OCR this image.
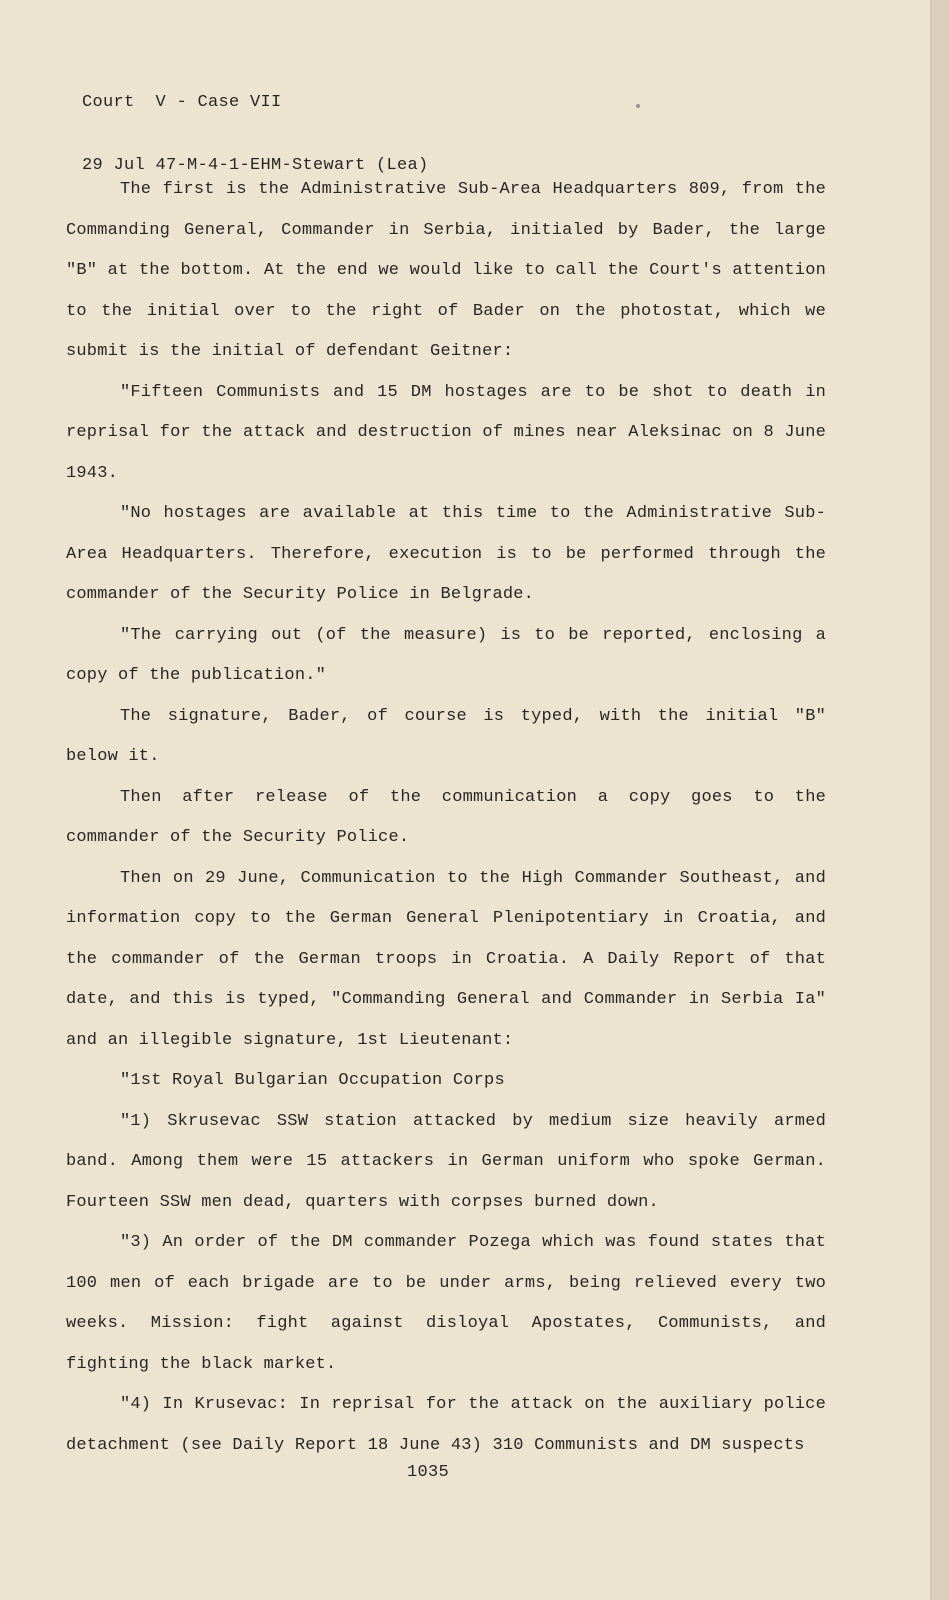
Court  V - Case VII

29 Jul 47-M-4-1-EHM-Stewart (Lea)

The first is the Administrative Sub-Area Headquarters 809, from the Commanding General, Commander in Serbia, initialed by Bader, the large "B" at the bottom. At the end we would like to call the Court's attention to the initial over to the right of Bader on the photostat, which we submit is the initial of defendant Geitner:

"Fifteen Communists and 15 DM hostages are to be shot to death in reprisal for the attack and destruction of mines near Aleksinac on 8 June 1943.

"No hostages are available at this time to the Administrative Sub-Area Headquarters. Therefore, execution is to be performed through the commander of the Security Police in Belgrade.

"The carrying out (of the measure) is to be reported, enclosing a copy of the publication."

The signature, Bader, of course is typed, with the initial "B" below it.

Then after release of the communication a copy goes to the commander of the Security Police.

Then on 29 June, Communication to the High Commander Southeast, and information copy to the German General Plenipotentiary in Croatia, and the commander of the German troops in Croatia. A Daily Report of that date, and this is typed, "Commanding General and Commander in Serbia Ia" and an illegible signature, 1st Lieutenant:

"1st Royal Bulgarian Occupation Corps

"1) Skrusevac SSW station attacked by medium size heavily armed band. Among them were 15 attackers in German uniform who spoke German. Fourteen SSW men dead, quarters with corpses burned down.

"3) An order of the DM commander Pozega which was found states that 100 men of each brigade are to be under arms, being relieved every two weeks. Mission: fight against disloyal Apostates, Communists, and fighting the black market.

"4) In Krusevac: In reprisal for the attack on the auxiliary police detachment (see Daily Report 18 June 43) 310 Communists and DM suspects

1035
